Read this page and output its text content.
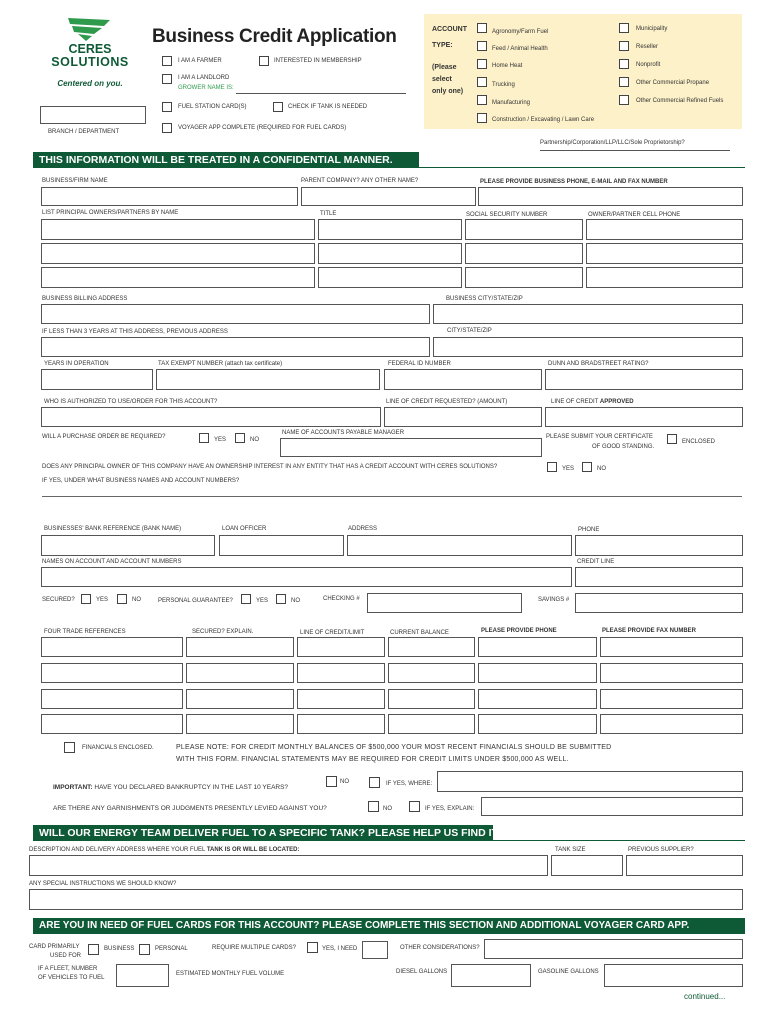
CERES
SOLUTIONS
Centered on you.
Business Credit Application
I AM A FARMER	INTERESTED IN MEMBERSHIP
I AM A LANDLORD
GROWER NAME IS:
FUEL STATION CARD(S)	CHECK IF TANK IS NEEDED
VOYAGER APP COMPLETE (REQUIRED FOR FUEL CARDS)
BRANCH / DEPARTMENT
ACCOUNT
TYPE:
(Please
select
only one)
Agronomy/Farm Fuel
Feed / Animal Health
Home Heat
Trucking
Manufacturing
Construction / Excavating / Lawn Care
Municipality
Reseller
Nonprofit
Other Commercial Propane
Other Commercial Refined Fuels
Partnership/Corporation/LLP/LLC/Sole Proprietorship?
THIS INFORMATION WILL BE TREATED IN A CONFIDENTIAL MANNER.
BUSINESS/FIRM NAME	PARENT COMPANY? ANY OTHER NAME?	PLEASE PROVIDE BUSINESS PHONE, E-MAIL AND FAX NUMBER
LIST PRINCIPAL OWNERS/PARTNERS BY NAME	TITLE	SOCIAL SECURITY NUMBER	OWNER/PARTNER CELL PHONE
BUSINESS BILLING ADDRESS	BUSINESS CITY/STATE/ZIP
IF LESS THAN 3 YEARS AT THIS ADDRESS, PREVIOUS ADDRESS	CITY/STATE/ZIP
YEARS IN OPERATION	TAX EXEMPT NUMBER (attach tax certificate)	FEDERAL ID NUMBER	DUNN AND BRADSTREET RATING?
WHO IS AUTHORIZED TO USE/ORDER FOR THIS ACCOUNT?	LINE OF CREDIT REQUESTED? (AMOUNT)	LINE OF CREDIT APPROVED
WILL A PURCHASE ORDER BE REQUIRED?	YES	NO
NAME OF ACCOUNTS PAYABLE MANAGER
PLEASE SUBMIT YOUR CERTIFICATE
OF GOOD STANDING.
ENCLOSED
DOES ANY PRINCIPAL OWNER OF THIS COMPANY HAVE AN OWNERSHIP INTEREST IN ANY ENTITY THAT HAS A CREDIT ACCOUNT WITH CERES SOLUTIONS?	YES	NO
IF YES, UNDER WHAT BUSINESS NAMES AND ACCOUNT NUMBERS?
BUSINESSES' BANK REFERENCE (BANK NAME)	LOAN OFFICER	ADDRESS	PHONE
NAMES ON ACCOUNT AND ACCOUNT NUMBERS	CREDIT LINE
SECURED?	YES	NO	PERSONAL GUARANTEE?	YES	NO	CHECKING #	SAVINGS #
FOUR TRADE REFERENCES	SECURED? EXPLAIN.	LINE OF CREDIT/LIMIT	CURRENT BALANCE	PLEASE PROVIDE PHONE	PLEASE PROVIDE FAX NUMBER
FINANCIALS ENCLOSED.	PLEASE NOTE: FOR CREDIT MONTHLY BALANCES OF $500,000 YOUR MOST RECENT FINANCIALS SHOULD BE SUBMITTED
WITH THIS FORM. FINANCIAL STATEMENTS MAY BE REQUIRED FOR CREDIT LIMITS UNDER $500,000 AS WELL.
IMPORTANT: HAVE YOU DECLARED BANKRUPTCY IN THE LAST 10 YEARS?
NO	IF YES, WHERE:
ARE THERE ANY GARNISHMENTS OR JUDGMENTS PRESENTLY LEVIED AGAINST YOU?	NO	IF YES, EXPLAIN:
WILL OUR ENERGY TEAM DELIVER FUEL TO A SPECIFIC TANK? PLEASE HELP US FIND IT.
DESCRIPTION AND DELIVERY ADDRESS WHERE YOUR FUEL TANK IS OR WILL BE LOCATED:	TANK SIZE	PREVIOUS SUPPLIER?
ANY SPECIAL INSTRUCTIONS WE SHOULD KNOW?
ARE YOU IN NEED OF FUEL CARDS FOR THIS ACCOUNT? PLEASE COMPLETE THIS SECTION AND ADDITIONAL VOYAGER CARD APP.
CARD PRIMARILY
USED FOR
BUSINESS	PERSONAL	REQUIRE MULTIPLE CARDS?	YES, I NEED	OTHER CONSIDERATIONS?
IF A FLEET, NUMBER
OF VEHICLES TO FUEL
ESTIMATED MONTHLY FUEL VOLUME	DIESEL GALLONS	GASOLINE GALLONS
continued...
